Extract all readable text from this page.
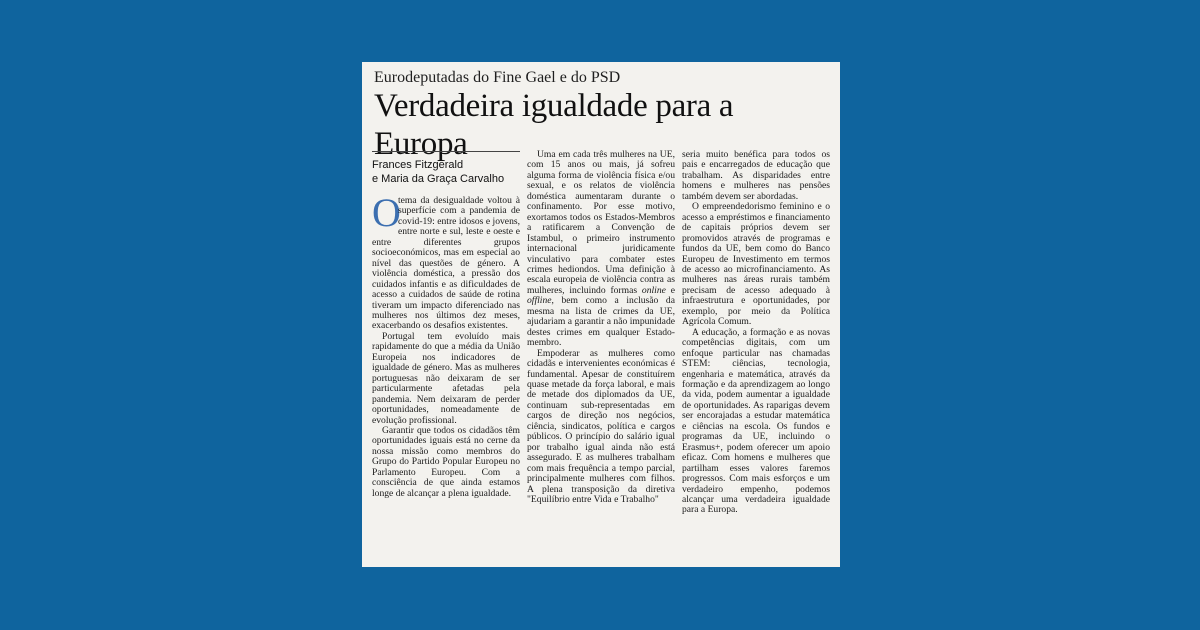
Eurodeputadas do Fine Gael e do PSD
Verdadeira igualdade para a Europa
Frances Fitzgerald
e Maria da Graça Carvalho

O
tema da desigualdade voltou à superfície com a pandemia de covid-19: entre idosos e jovens, entre norte e sul, leste e oeste e entre diferentes grupos socioeconómicos, mas em especial ao nível das questões de género. A violência doméstica, a pressão dos cuidados infantis e as dificuldades de acesso a cuidados de saúde de rotina tiveram um impacto diferenciado nas mulheres nos últimos dez meses, exacerbando os desafios existentes.

Portugal tem evoluído mais rapidamente do que a média da União Europeia nos indicadores de igualdade de género. Mas as mulheres portuguesas não deixaram de ser particularmente afetadas pela pandemia. Nem deixaram de perder oportunidades, nomeadamente de evolução profissional.

Garantir que todos os cidadãos têm oportunidades iguais está no cerne da nossa missão como membros do Grupo do Partido Popular Europeu no Parlamento Europeu. Com a consciência de que ainda estamos longe de alcançar a plena igualdade.

Uma em cada três mulheres na UE, com 15 anos ou mais, já sofreu alguma forma de violência física e/ou sexual, e os relatos de violência doméstica aumentaram durante o confinamento. Por esse motivo, exortamos todos os Estados-Membros a ratificarem a Convenção de Istambul, o primeiro instrumento internacional juridicamente vinculativo para combater estes crimes hediondos. Uma definição à escala europeia de violência contra as mulheres, incluindo formas online e offline, bem como a inclusão da mesma na lista de crimes da UE, ajudariam a garantir a não impunidade destes crimes em qualquer Estado-membro.

Empoderar as mulheres como cidadãs e intervenientes económicas é fundamental. Apesar de constituírem quase metade da força laboral, e mais de metade dos diplomados da UE, continuam sub-representadas em cargos de direção nos negócios, ciência, sindicatos, política e cargos públicos. O princípio do salário igual por trabalho igual ainda não está assegurado. E as mulheres trabalham com mais frequência a tempo parcial, principalmente mulheres com filhos. A plena transposição da diretiva "Equilíbrio entre Vida e Trabalho"

seria muito benéfica para todos os pais e encarregados de educação que trabalham. As disparidades entre homens e mulheres nas pensões também devem ser abordadas.

O empreendedorismo feminino e o acesso a empréstimos e financiamento de capitais próprios devem ser promovidos através de programas e fundos da UE, bem como do Banco Europeu de Investimento em termos de acesso ao microfinanciamento. As mulheres nas áreas rurais também precisam de acesso adequado à infraestrutura e oportunidades, por exemplo, por meio da Política Agrícola Comum.

A educação, a formação e as novas competências digitais, com um enfoque particular nas chamadas STEM: ciências, tecnologia, engenharia e matemática, através da formação e da aprendizagem ao longo da vida, podem aumentar a igualdade de oportunidades. As raparigas devem ser encorajadas a estudar matemática e ciências na escola. Os fundos e programas da UE, incluindo o Erasmus+, podem oferecer um apoio eficaz. Com homens e mulheres que partilham esses valores faremos progressos. Com mais esforços e um verdadeiro empenho, podemos alcançar uma verdadeira igualdade para a Europa.
